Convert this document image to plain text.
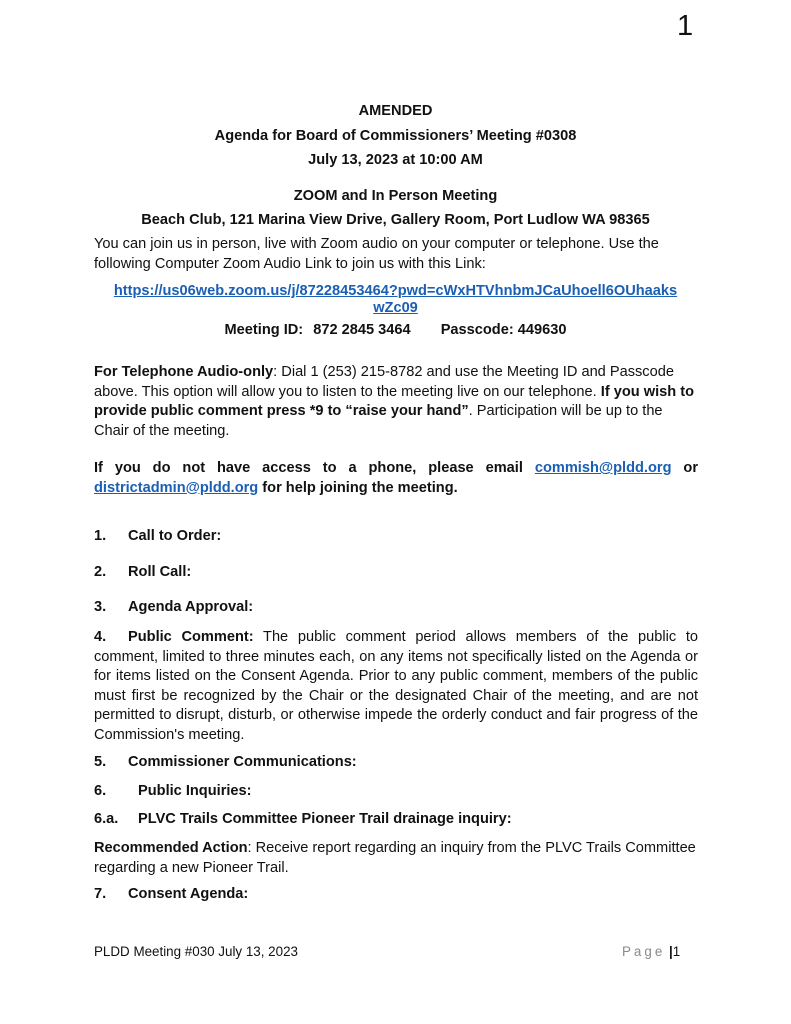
1
AMENDED
Agenda for Board of Commissioners’ Meeting #0308
July 13, 2023 at 10:00 AM
ZOOM and In Person Meeting
Beach Club, 121 Marina View Drive, Gallery Room, Port Ludlow WA 98365
You can join us in person, live with Zoom audio on your computer or telephone. Use the following Computer Zoom Audio Link to join us with this Link:
https://us06web.zoom.us/j/87228453464?pwd=cWxHTVhnbmJCaUhoell6OUhaaks
wZc09
Meeting ID: 872 2845 3464 Passcode: 449630
For Telephone Audio-only: Dial 1 (253) 215-8782 and use the Meeting ID and Passcode above. This option will allow you to listen to the meeting live on our telephone. If you wish to provide public comment press *9 to “raise your hand”. Participation will be up to the Chair of the meeting.
If you do not have access to a phone, please email commish@pldd.org or districtadmin@pldd.org for help joining the meeting.
1. Call to Order:
2. Roll Call:
3. Agenda Approval:
4. Public Comment: The public comment period allows members of the public to comment, limited to three minutes each, on any items not specifically listed on the Agenda or for items listed on the Consent Agenda. Prior to any public comment, members of the public must first be recognized by the Chair or the designated Chair of the meeting, and are not permitted to disrupt, disturb, or otherwise impede the orderly conduct and fair progress of the Commission's meeting.
5. Commissioner Communications:
6. Public Inquiries:
6.a. PLVC Trails Committee Pioneer Trail drainage inquiry:
Recommended Action: Receive report regarding an inquiry from the PLVC Trails Committee regarding a new Pioneer Trail.
7. Consent Agenda:
PLDD Meeting #030 July 13, 2023	Page |1
